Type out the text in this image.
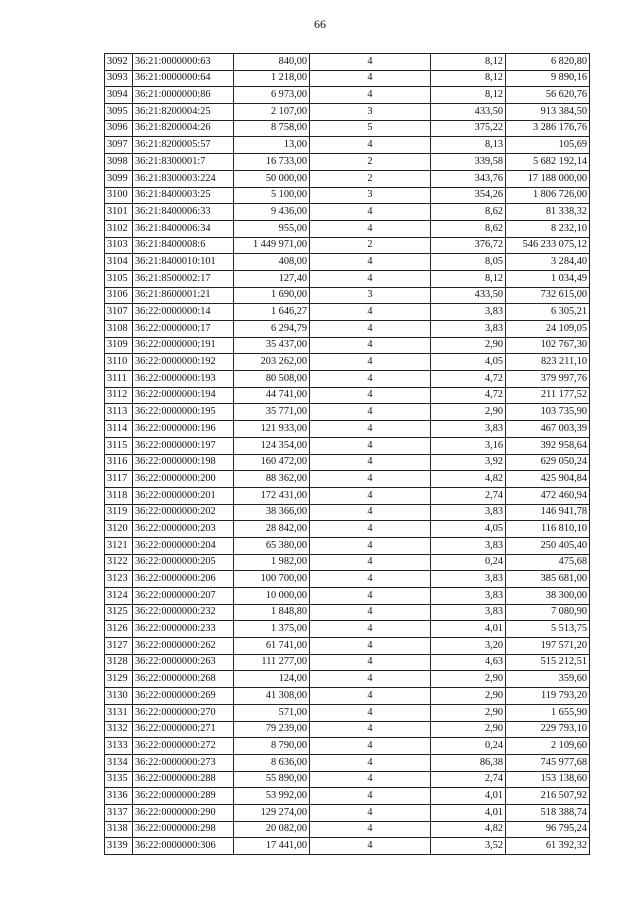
66
3092	36:21:0000000:63	840,00	4	8,12	6 820,80
3093	36:21:0000000:64	1 218,00	4	8,12	9 890,16
3094	36:21:0000000:86	6 973,00	4	8,12	56 620,76
3095	36:21:8200004:25	2 107,00	3	433,50	913 384,50
3096	36:21:8200004:26	8 758,00	5	375,22	3 286 176,76
3097	36:21:8200005:57	13,00	4	8,13	105,69
3098	36:21:8300001:7	16 733,00	2	339,58	5 682 192,14
3099	36:21:8300003:224	50 000,00	2	343,76	17 188 000,00
3100	36:21:8400003:25	5 100,00	3	354,26	1 806 726,00
3101	36:21:8400006:33	9 436,00	4	8,62	81 338,32
3102	36:21:8400006:34	955,00	4	8,62	8 232,10
3103	36:21:8400008:6	1 449 971,00	2	376,72	546 233 075,12
3104	36:21:8400010:101	408,00	4	8,05	3 284,40
3105	36:21:8500002:17	127,40	4	8,12	1 034,49
3106	36:21:8600001:21	1 690,00	3	433,50	732 615,00
3107	36:22:0000000:14	1 646,27	4	3,83	6 305,21
3108	36:22:0000000:17	6 294,79	4	3,83	24 109,05
3109	36:22:0000000:191	35 437,00	4	2,90	102 767,30
3110	36:22:0000000:192	203 262,00	4	4,05	823 211,10
3111	36:22:0000000:193	80 508,00	4	4,72	379 997,76
3112	36:22:0000000:194	44 741,00	4	4,72	211 177,52
3113	36:22:0000000:195	35 771,00	4	2,90	103 735,90
3114	36:22:0000000:196	121 933,00	4	3,83	467 003,39
3115	36:22:0000000:197	124 354,00	4	3,16	392 958,64
3116	36:22:0000000:198	160 472,00	4	3,92	629 050,24
3117	36:22:0000000:200	88 362,00	4	4,82	425 904,84
3118	36:22:0000000:201	172 431,00	4	2,74	472 460,94
3119	36:22:0000000:202	38 366,00	4	3,83	146 941,78
3120	36:22:0000000:203	28 842,00	4	4,05	116 810,10
3121	36:22:0000000:204	65 380,00	4	3,83	250 405,40
3122	36:22:0000000:205	1 982,00	4	0,24	475,68
3123	36:22:0000000:206	100 700,00	4	3,83	385 681,00
3124	36:22:0000000:207	10 000,00	4	3,83	38 300,00
3125	36:22:0000000:232	1 848,80	4	3,83	7 080,90
3126	36:22:0000000:233	1 375,00	4	4,01	5 513,75
3127	36:22:0000000:262	61 741,00	4	3,20	197 571,20
3128	36:22:0000000:263	111 277,00	4	4,63	515 212,51
3129	36:22:0000000:268	124,00	4	2,90	359,60
3130	36:22:0000000:269	41 308,00	4	2,90	119 793,20
3131	36:22:0000000:270	571,00	4	2,90	1 655,90
3132	36:22:0000000:271	79 239,00	4	2,90	229 793,10
3133	36:22:0000000:272	8 790,00	4	0,24	2 109,60
3134	36:22:0000000:273	8 636,00	4	86,38	745 977,68
3135	36:22:0000000:288	55 890,00	4	2,74	153 138,60
3136	36:22:0000000:289	53 992,00	4	4,01	216 507,92
3137	36:22:0000000:290	129 274,00	4	4,01	518 388,74
3138	36:22:0000000:298	20 082,00	4	4,82	96 795,24
3139	36:22:0000000:306	17 441,00	4	3,52	61 392,32
